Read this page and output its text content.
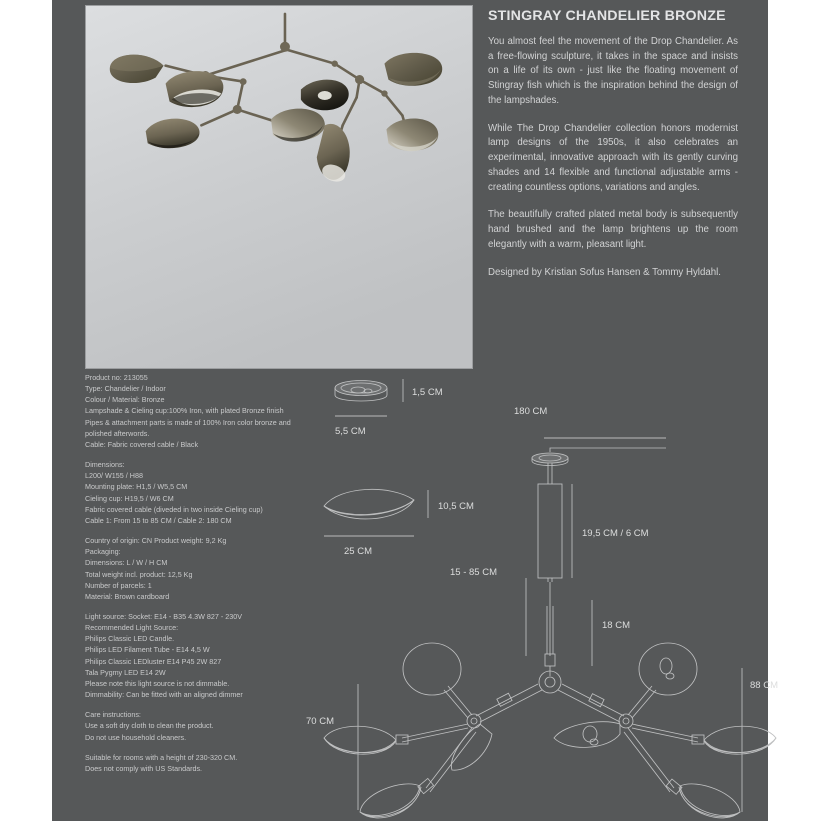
STINGRAY CHANDELIER BRONZE

You almost feel the movement of the Drop Chandelier. As a free-flowing sculpture, it takes in the space and insists on a life of its own - just like the floating movement of Stingray fish which is the inspiration behind the design of the lampshades.

While The Drop Chandelier collection honors modernist lamp designs of the 1950s, it also celebrates an experimental, innovative approach with its gently curving shades and 14 flexible and functional adjustable arms - creating countless options, variations and angles.

The beautifully crafted plated metal body is subsequently hand brushed and the lamp brightens up the room elegantly with a warm, pleasant light.

Designed by Kristian Sofus Hansen & Tommy Hyldahl.

Product no: 213055
Type: Chandelier / Indoor
Colour / Material: Bronze
Lampshade & Cieling cup:100% Iron, with plated Bronze finish
Pipes & attachment parts is made of 100% Iron color bronze and polished afterwords.
Cable: Fabric covered cable / Black
Dimensions:
L200/ W155 / H88
Mounting plate: H1,5 / W5,5 CM
Cieling cup: H19,5 / W6 CM
Fabric covered cable (diveded in two inside Cieling cup)
Cable 1: From 15 to 85 CM / Cable 2: 180 CM
Country of origin: CN Product weight: 9,2 Kg
Packaging:
Dimensions: L / W / H CM
Total weight incl. product: 12,5 Kg
Number of parcels: 1
Material: Brown cardboard
Light source: Socket: E14 - B35 4.3W 827 - 230V
Recommended Light Source:
Philips Classic LED Candle.
Philips LED Filament Tube - E14 4,5 W
Philips Classic LEDluster E14 P45 2W 827
Tala Pygmy LED E14 2W
Please note this light source is not dimmable.
Dimmability: Can be fitted with an aligned dimmer
Care instructions:
Use a soft dry cloth to clean the product.
Do not use household cleaners.
Suitable for rooms with a height of 230-320 CM.
Does not comply with US Standards.
1,5 CM
5,5 CM
10,5 CM
25 CM
180 CM
19,5 CM / 6 CM
15 - 85 CM
70 CM
88 CM
18 CM
